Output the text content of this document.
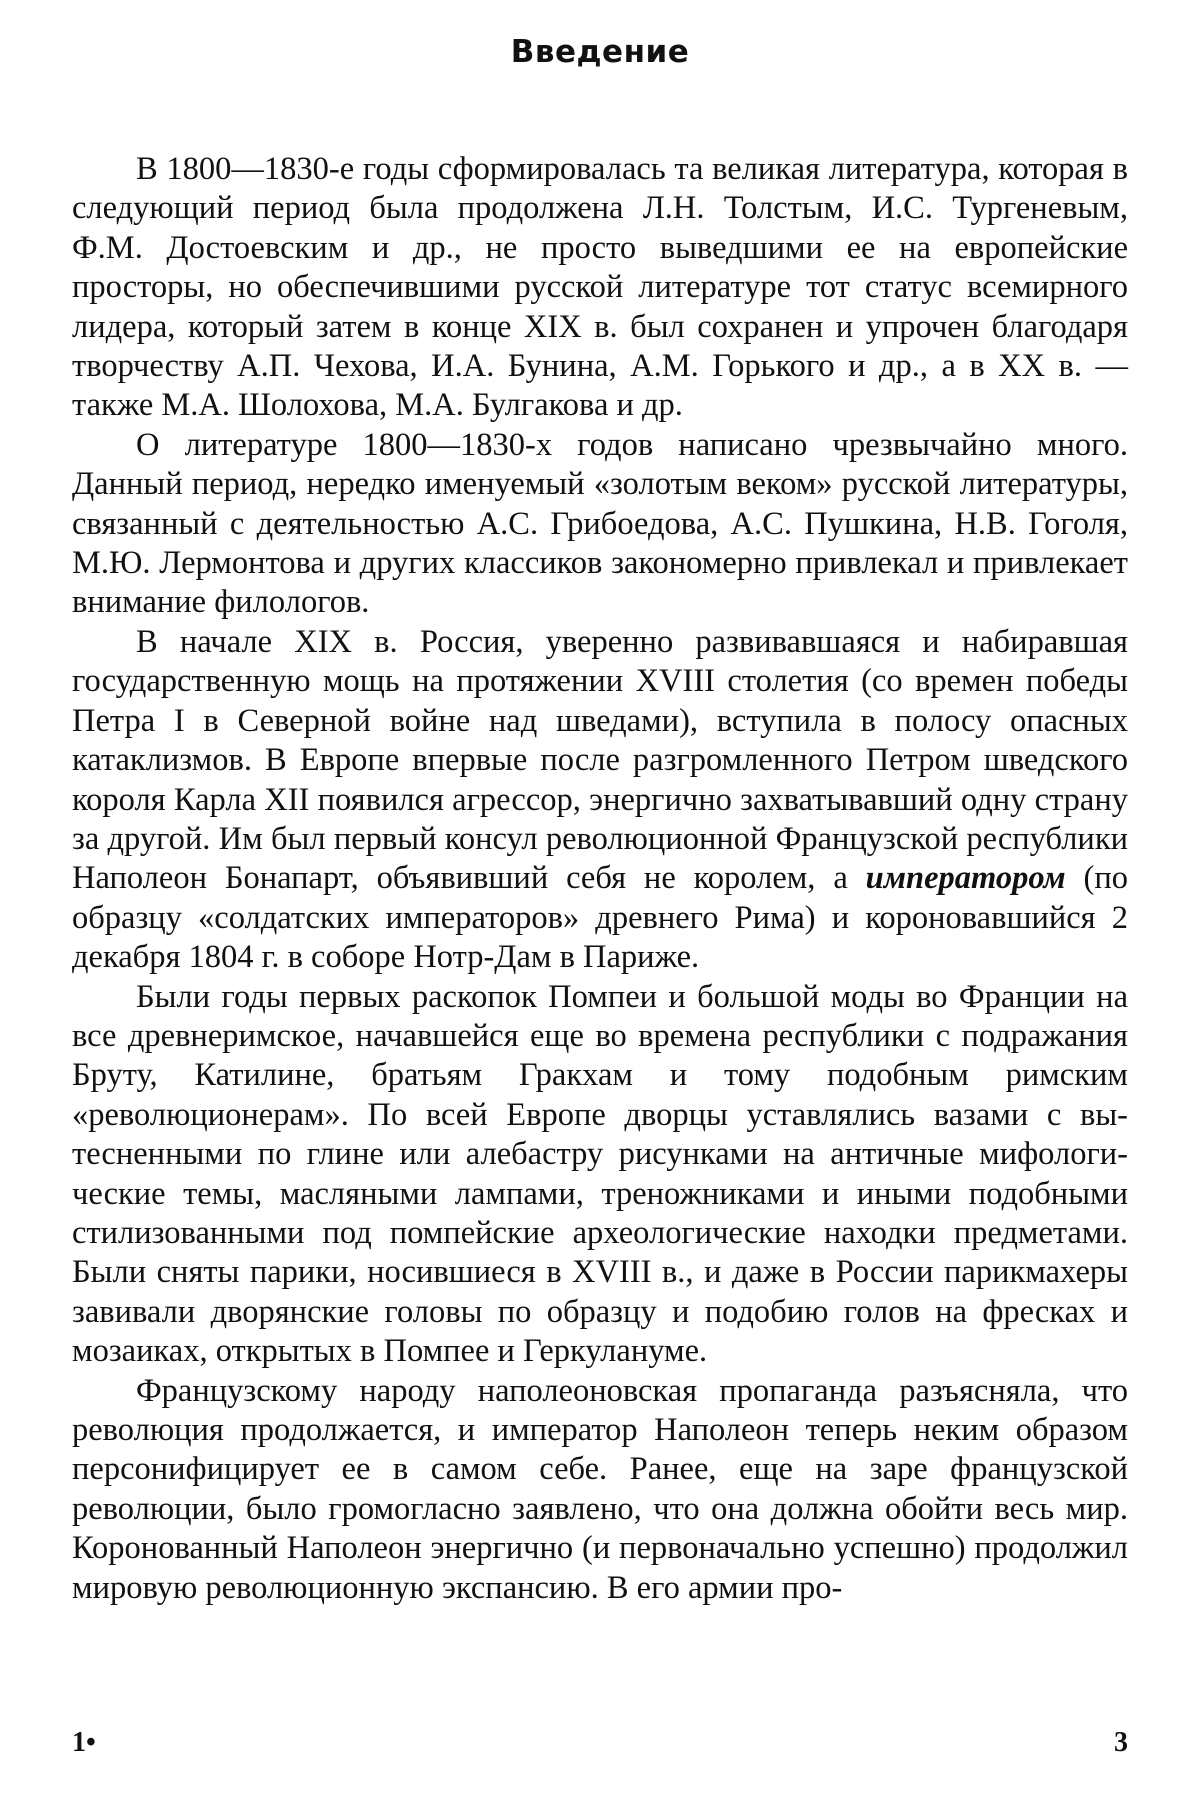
Введение

В 1800—1830-е годы сформировалась та великая литература, которая в следующий период была продолжена Л.Н. Толстым, И.С. Тургеневым, Ф.М. Достоевским и др., не просто выведшими ее на европейские просторы, но обеспечившими русской литературе тот статус всемирного лидера, который затем в конце XIX в. был сохранен и упрочен благодаря творчеству А.П. Чехова, И.А. Бунина, А.М. Горького и др., а в XX в. — также М.А. Шолохова, М.А. Булгакова и др.

О литературе 1800—1830-х годов написано чрезвычайно много. Данный период, нередко именуемый «золотым веком» русской литературы, связанный с деятельностью А.С. Грибоедова, А.С. Пушкина, Н.В. Гоголя, М.Ю. Лермонтова и других классиков закономерно привлекал и привлекает внимание филологов.

В начале XIX в. Россия, уверенно развивавшаяся и набиравшая государственную мощь на протяжении XVIII столетия (со времен победы Петра I в Северной войне над шведами), вступила в полосу опасных катаклизмов. В Европе впервые после разгромленного Петром шведского короля Карла XII появился агрессор, энергично захватывавший одну страну за другой. Им был первый консул революционной Французской республики Наполеон Бонапарт, объявивший себя не королем, а императором (по образцу «солдатских императоров» древнего Рима) и короновавшийся 2 декабря 1804 г. в соборе Нотр-Дам в Париже.

Были годы первых раскопок Помпеи и большой моды во Франции на все древнеримское, начавшейся еще во времена республики с подражания Бруту, Катилине, братьям Гракхам и тому подобным римским «революционерам». По всей Европе дворцы уставлялись вазами с вытесненными по глине или алебастру рисунками на античные мифологические темы, масляными лампами, треножниками и иными подобными стилизованными под помпейские археологические находки предметами. Были сняты парики, носившиеся в XVIII в., и даже в России парикмахеры завивали дворянские головы по образцу и подобию голов на фресках и мозаиках, открытых в Помпее и Геркулануме.

Французскому народу наполеоновская пропаганда разъясняла, что революция продолжается, и император Наполеон теперь неким образом персонифицирует ее в самом себе. Ранее, еще на заре французской революции, было громогласно заявлено, что она должна обойти весь мир. Коронованный Наполеон энергично (и первоначально успешно) продолжил мировую революционную экспансию. В его армии про-

1•	3
